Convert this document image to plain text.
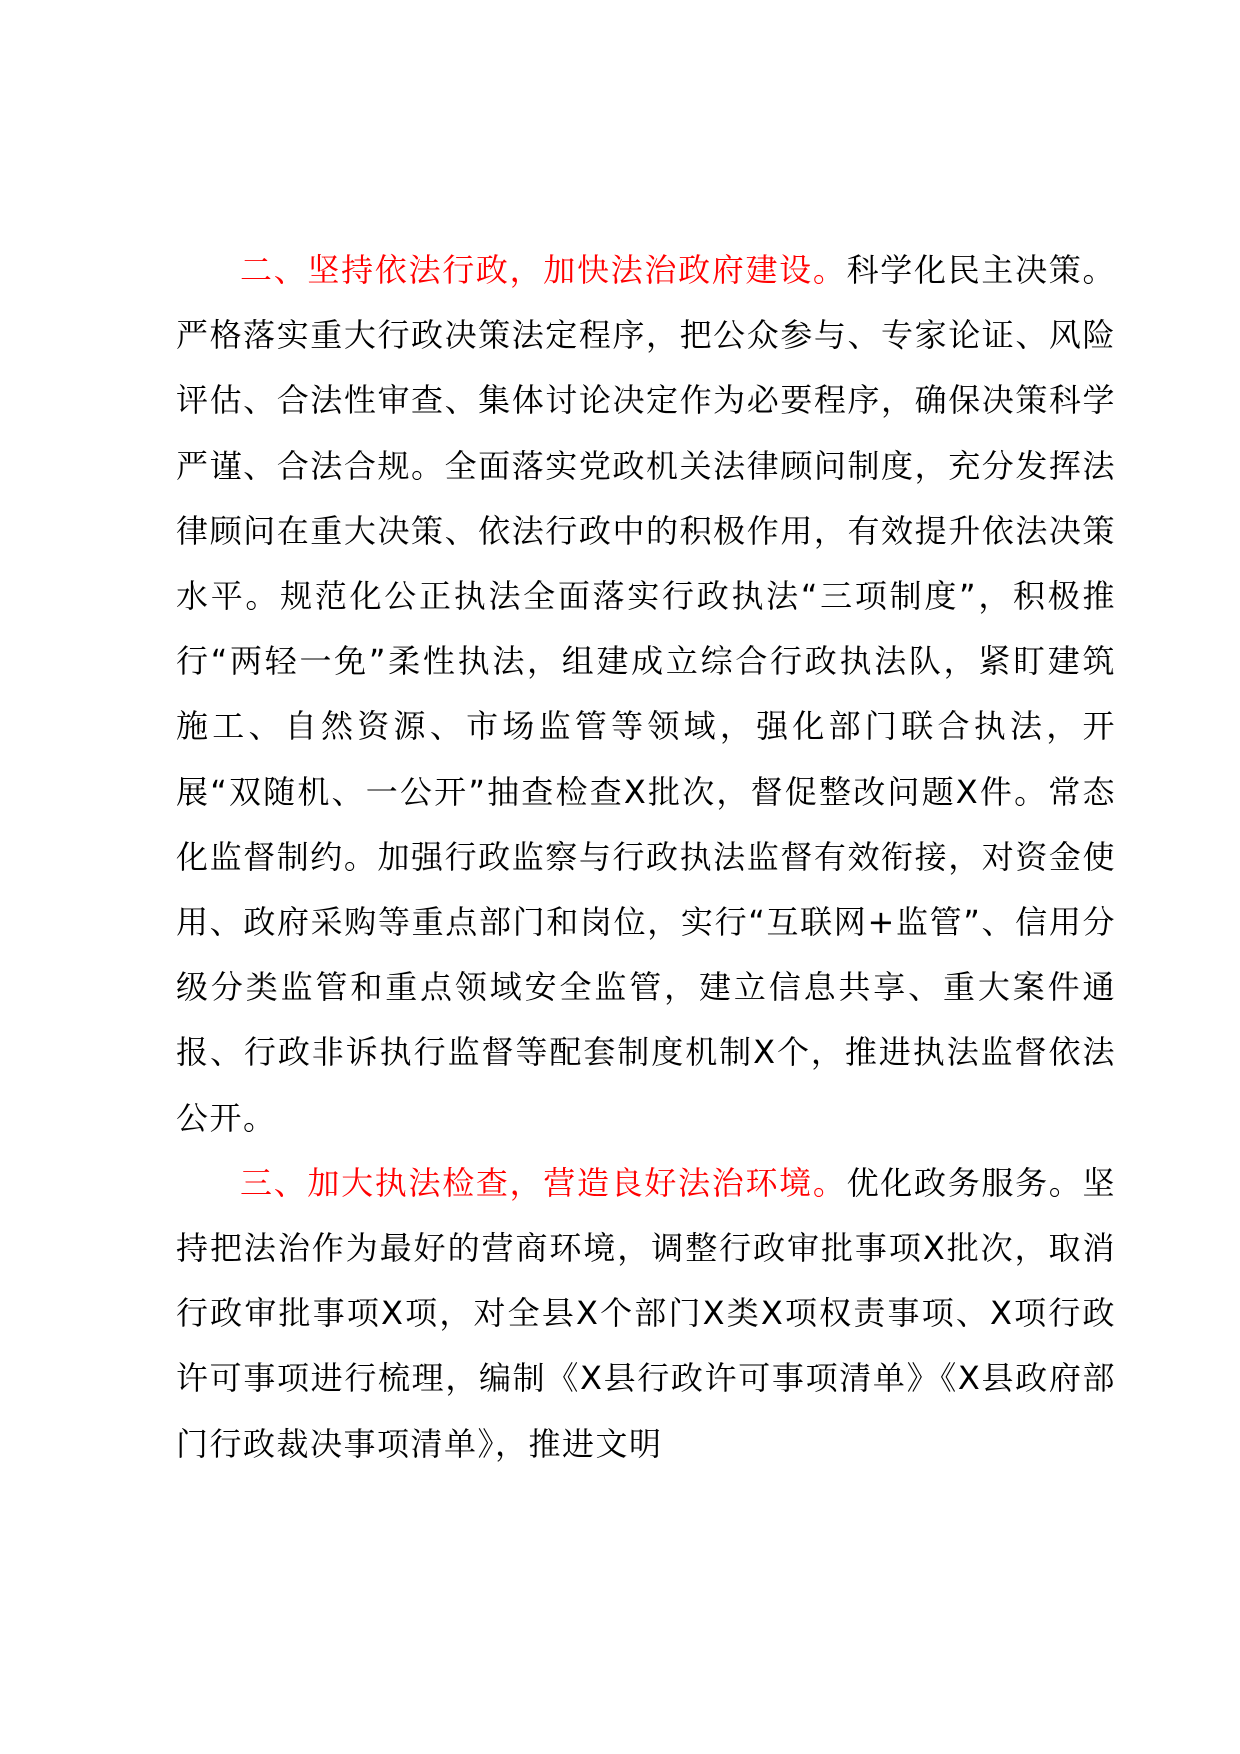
二、坚持依法行政，加快法治政府建设。科学化民主决策。严格落实重大行政决策法定程序，把公众参与、专家论证、风险评估、合法性审查、集体讨论决定作为必要程序，确保决策科学严谨、合法合规。全面落实党政机关法律顾问制度，充分发挥法律顾问在重大决策、依法行政中的积极作用，有效提升依法决策水平。规范化公正执法全面落实行政执法“三项制度”，积极推行“两轻一免”柔性执法，组建成立综合行政执法队，紧盯建筑施工、自然资源、市场监管等领域，强化部门联合执法，开展“双随机、一公开”抽查检查X批次，督促整改问题X件。常态化监督制约。加强行政监察与行政执法监督有效衔接，对资金使用、政府采购等重点部门和岗位，实行“互联网+监管”、信用分级分类监管和重点领域安全监管，建立信息共享、重大案件通报、行政非诉执行监督等配套制度机制X个，推进执法监督依法公开。

三、加大执法检查，营造良好法治环境。优化政务服务。坚持把法治作为最好的营商环境，调整行政审批事项X批次，取消行政审批事项X项，对全县X个部门X类X项权责事项、X项行政许可事项进行梳理，编制《X县行政许可事项清单》《X县政府部门行政裁决事项清单》，推进文明
